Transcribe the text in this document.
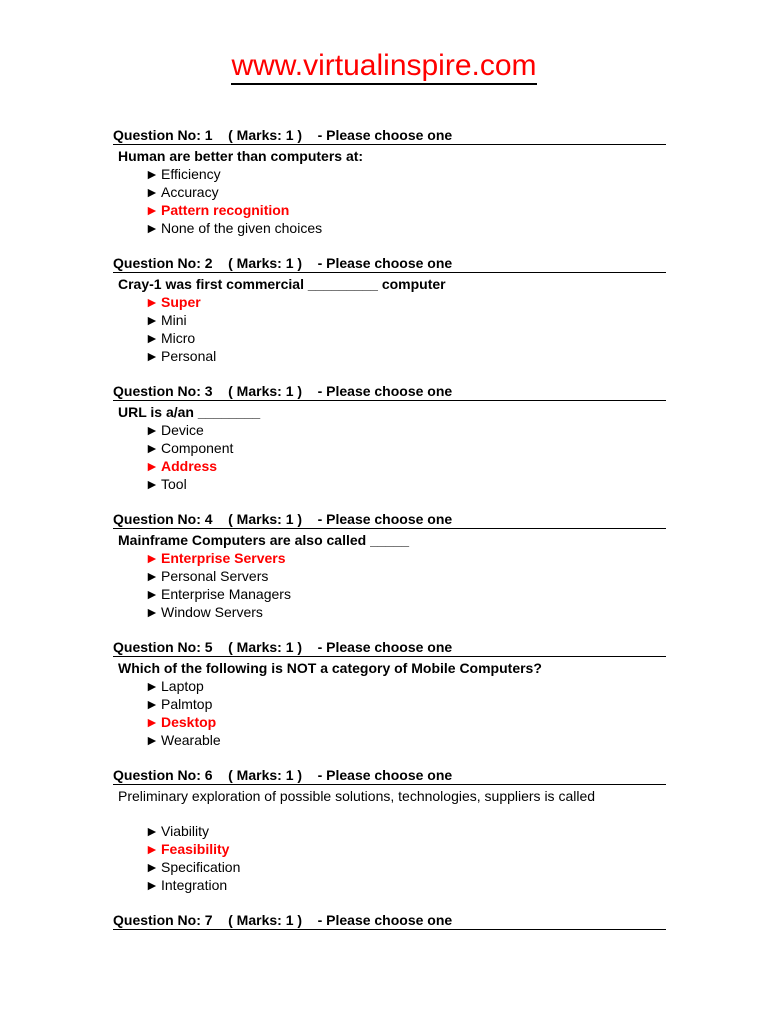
www.virtualinspire.com
Question No: 1    ( Marks: 1 )    - Please choose one
Human are better than computers at:
► Efficiency
► Accuracy
► Pattern recognition
► None of the given choices
Question No: 2    ( Marks: 1 )    - Please choose one
Cray-1 was first commercial _________ computer
► Super
► Mini
► Micro
► Personal
Question No: 3    ( Marks: 1 )    - Please choose one
URL is a/an ________
► Device
► Component
► Address
► Tool
Question No: 4    ( Marks: 1 )    - Please choose one
Mainframe Computers are also called _____
► Enterprise Servers
► Personal Servers
► Enterprise Managers
► Window Servers
Question No: 5    ( Marks: 1 )    - Please choose one
Which of the following is NOT a category of Mobile Computers?
► Laptop
► Palmtop
► Desktop
► Wearable
Question No: 6    ( Marks: 1 )    - Please choose one
Preliminary exploration of possible solutions, technologies, suppliers is called
► Viability
► Feasibility
► Specification
► Integration
Question No: 7    ( Marks: 1 )    - Please choose one
